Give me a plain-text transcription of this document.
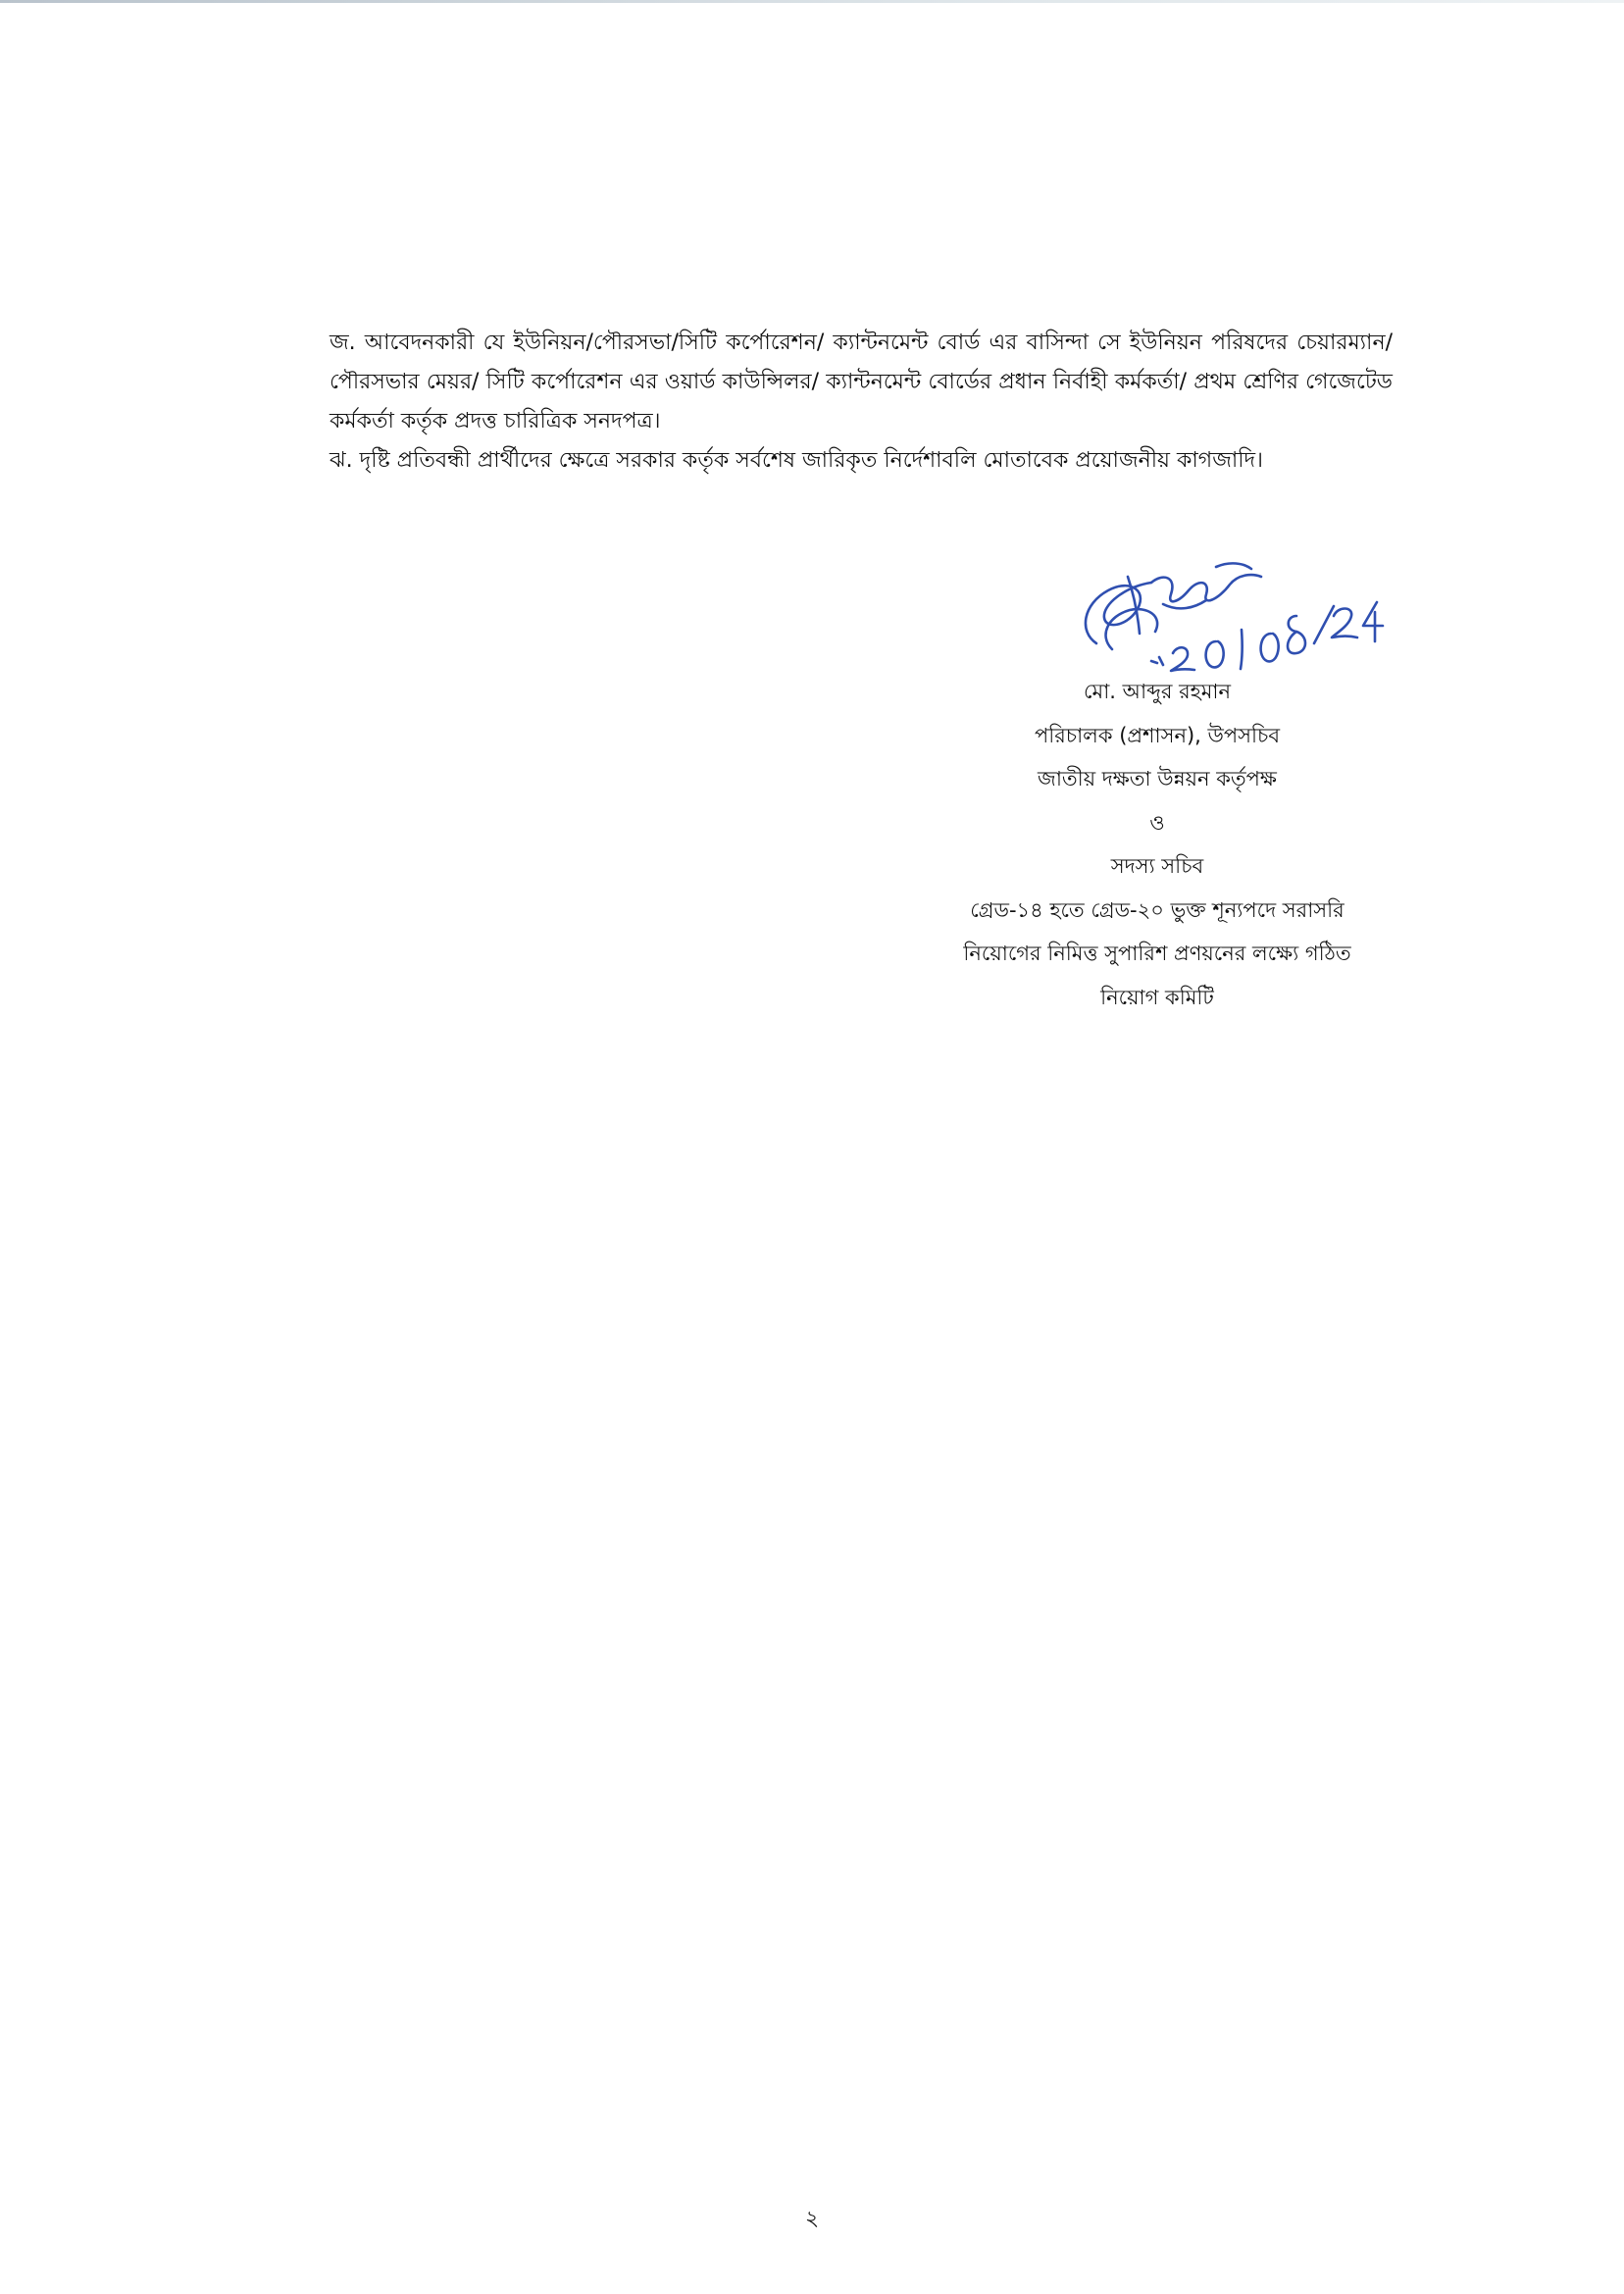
জ. আবেদনকারী যে ইউনিয়ন/পৌরসভা/সিটি কর্পোরেশন/ ক্যান্টনমেন্ট বোর্ড এর বাসিন্দা সে ইউনিয়ন পরিষদের চেয়ারম্যান/ পৌরসভার মেয়র/ সিটি কর্পোরেশন এর ওয়ার্ড কাউন্সিলর/ ক্যান্টনমেন্ট বোর্ডের প্রধান নির্বাহী কর্মকর্তা/ প্রথম শ্রেণির গেজেটেড কর্মকর্তা কর্তৃক প্রদত্ত চারিত্রিক সনদপত্র।

ঝ. দৃষ্টি প্রতিবন্ধী প্রার্থীদের ক্ষেত্রে সরকার কর্তৃক সর্বশেষ জারিকৃত নির্দেশাবলি মোতাবেক প্রয়োজনীয় কাগজাদি।

মো. আব্দুর রহমান
পরিচালক (প্রশাসন), উপসচিব
জাতীয় দক্ষতা উন্নয়ন কর্তৃপক্ষ
ও
সদস্য সচিব
গ্রেড-১৪ হতে গ্রেড-২০ ভুক্ত শূন্যপদে সরাসরি
নিয়োগের নিমিত্ত সুপারিশ প্রণয়নের লক্ষ্যে গঠিত
নিয়োগ কমিটি
২
